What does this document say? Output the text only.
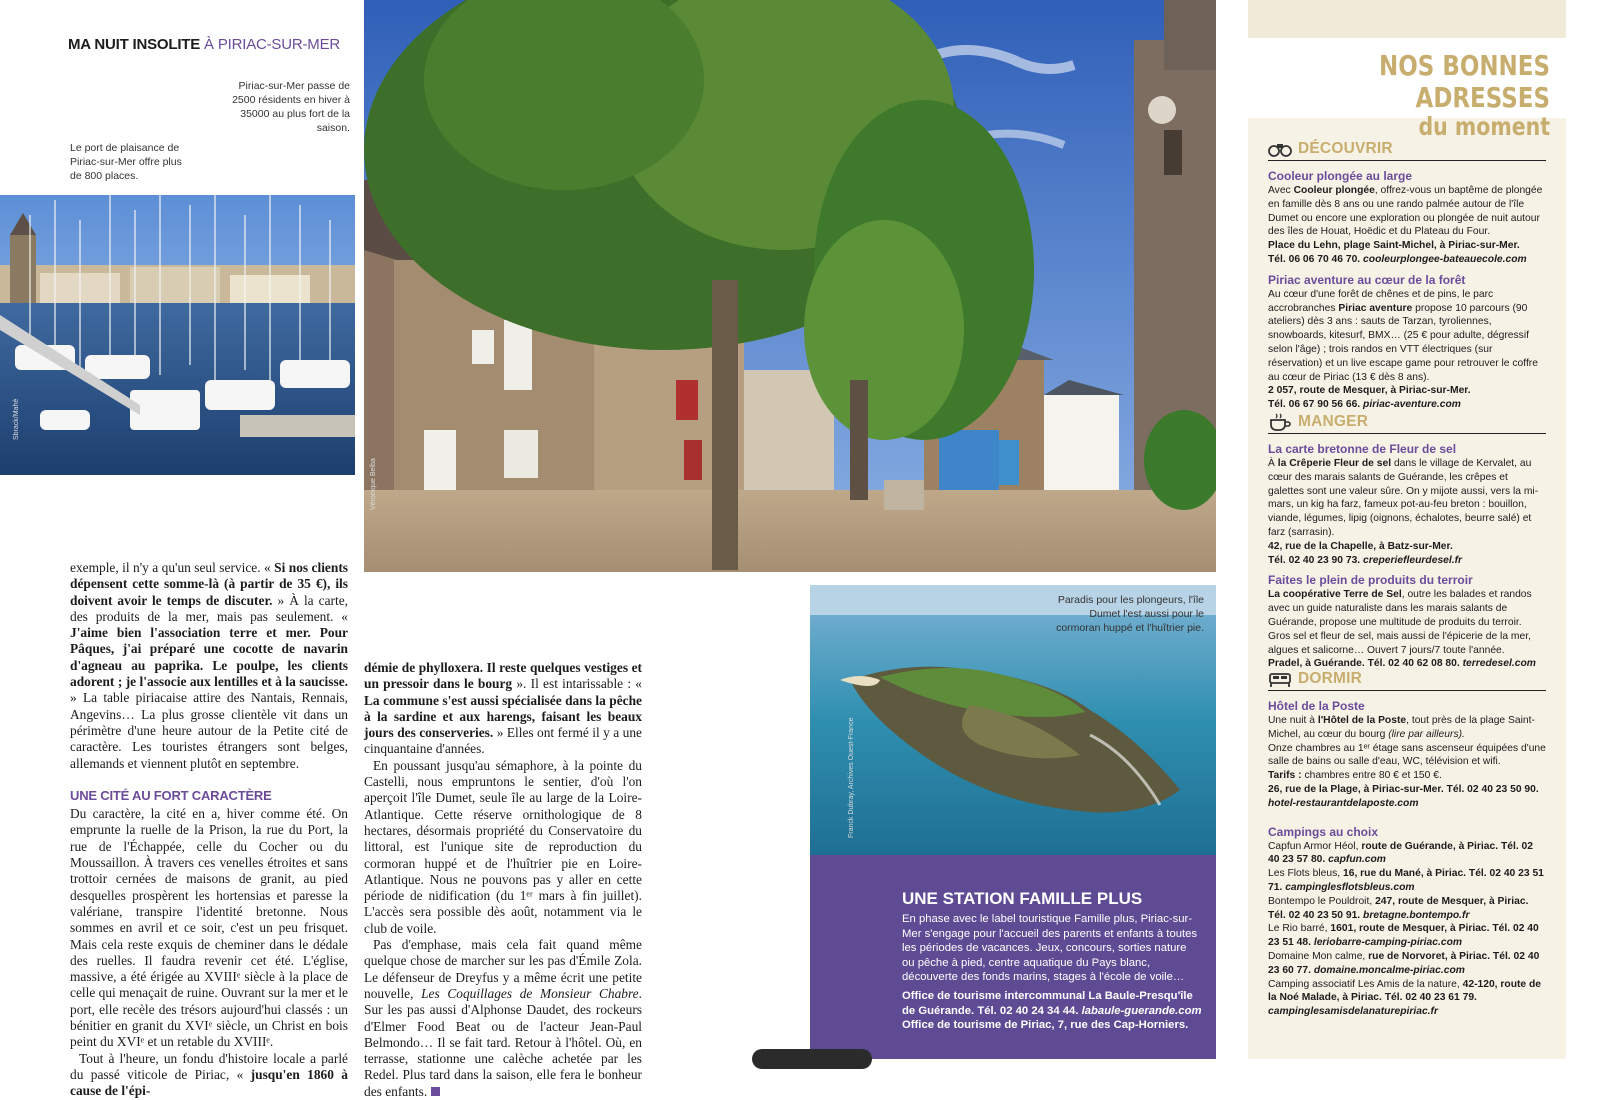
MA NUIT INSOLITE À PIRIAC-SUR-MER
Piriac-sur-Mer passe de 2500 résidents en hiver à 35000 au plus fort de la saison.
Le port de plaisance de Piriac-sur-Mer offre plus de 800 places.
Sbrack/Mahé
Véronique Belba
Paradis pour les plongeurs, l'île Dumet l'est aussi pour le cormoran huppé et l'huîtrier pie.
Franck Dubray, Archives Ouest-France

exemple, il n'y a qu'un seul service. « Si nos clients dépensent cette somme-là (à partir de 35 €), ils doivent avoir le temps de discuter. » À la carte, des produits de la mer, mais pas seulement. « J'aime bien l'association terre et mer. Pour Pâques, j'ai préparé une cocotte de navarin d'agneau au paprika. Le poulpe, les clients adorent ; je l'associe aux lentilles et à la saucisse. » La table piriacaise attire des Nantais, Rennais, Angevins… La plus grosse clientèle vit dans un périmètre d'une heure autour de la Petite cité de caractère. Les touristes étrangers sont belges, allemands et viennent plutôt en septembre.

UNE CITÉ AU FORT CARACTÈRE

Du caractère, la cité en a, hiver comme été. On emprunte la ruelle de la Prison, la rue du Port, la rue de l'Échappée, celle du Cocher ou du Moussaillon. À travers ces venelles étroites et sans trottoir cernées de maisons de granit, au pied desquelles prospèrent les hortensias et paresse la valériane, transpire l'identité bretonne. Nous sommes en avril et ce soir, c'est un peu frisquet. Mais cela reste exquis de cheminer dans le dédale des ruelles. Il faudra revenir cet été. L'église, massive, a été érigée au XVIIIᵉ siècle à la place de celle qui menaçait de ruine. Ouvrant sur la mer et le port, elle recèle des trésors aujourd'hui classés : un bénitier en granit du XVIᵉ siècle, un Christ en bois peint du XVIᵉ et un retable du XVIIIᵉ.

Tout à l'heure, un fondu d'histoire locale a parlé du passé viticole de Piriac, « jusqu'en 1860 à cause de l'épi-

démie de phylloxera. Il reste quelques vestiges et un pressoir dans le bourg ». Il est intarissable : « La commune s'est aussi spécialisée dans la pêche à la sardine et aux harengs, faisant les beaux jours des conserveries. » Elles ont fermé il y a une cinquantaine d'années.

En poussant jusqu'au sémaphore, à la pointe du Castelli, nous empruntons le sentier, d'où l'on aperçoit l'île Dumet, seule île au large de la Loire-Atlantique. Cette réserve ornithologique de 8 hectares, désormais propriété du Conservatoire du littoral, est l'unique site de reproduction du cormoran huppé et de l'huîtrier pie en Loire-Atlantique. Nous ne pouvons pas y aller en cette période de nidification (du 1ᵉʳ mars à fin juillet). L'accès sera possible dès août, notamment via le club de voile.

Pas d'emphase, mais cela fait quand même quelque chose de marcher sur les pas d'Émile Zola. Le défenseur de Dreyfus y a même écrit une petite nouvelle, Les Coquillages de Monsieur Chabre. Sur les pas aussi d'Alphonse Daudet, des rockeurs d'Elmer Food Beat ou de l'acteur Jean-Paul Belmondo… Il se fait tard. Retour à l'hôtel. Où, en terrasse, stationne une calèche achetée par les Redel. Plus tard dans la saison, elle fera le bonheur des enfants.

UNE STATION FAMILLE PLUS
En phase avec le label touristique Famille plus, Piriac-sur-Mer s'engage pour l'accueil des parents et enfants à toutes les périodes de vacances. Jeux, concours, sorties nature ou pêche à pied, centre aquatique du Pays blanc, découverte des fonds marins, stages à l'école de voile…
Office de tourisme intercommunal La Baule-Presqu'île de Guérande. Tél. 02 40 24 34 44. labaule-guerande.com
Office de tourisme de Piriac, 7, rue des Cap-Horniers.
NOS BONNES ADRESSES
du moment
DÉCOUVRIR
Cooleur plongée au large
Avec Cooleur plongée, offrez-vous un baptême de plongée en famille dès 8 ans ou une rando palmée autour de l'île Dumet ou encore une exploration ou plongée de nuit autour des îles de Houat, Hoëdic et du Plateau du Four.
Place du Lehn, plage Saint-Michel, à Piriac-sur-Mer.
Tél. 06 06 70 46 70. cooleurplongee-bateauecole.com
Piriac aventure au cœur de la forêt
Au cœur d'une forêt de chênes et de pins, le parc accrobranches Piriac aventure propose 10 parcours (90 ateliers) dès 3 ans : sauts de Tarzan, tyroliennes, snowboards, kitesurf, BMX… (25 € pour adulte, dégressif selon l'âge) ; trois randos en VTT électriques (sur réservation) et un live escape game pour retrouver le coffre au cœur de Piriac (13 € dès 8 ans).
2 057, route de Mesquer, à Piriac-sur-Mer.
Tél. 06 67 90 56 66. piriac-aventure.com
MANGER
La carte bretonne de Fleur de sel
À la Crêperie Fleur de sel dans le village de Kervalet, au cœur des marais salants de Guérande, les crêpes et galettes sont une valeur sûre. On y mijote aussi, vers la mi-mars, un kig ha farz, fameux pot-au-feu breton : bouillon, viande, légumes, lipig (oignons, échalotes, beurre salé) et farz (sarrasin).
42, rue de la Chapelle, à Batz-sur-Mer.
Tél. 02 40 23 90 73. creperiefleurdesel.fr
Faites le plein de produits du terroir
La coopérative Terre de Sel, outre les balades et randos avec un guide naturaliste dans les marais salants de Guérande, propose une multitude de produits du terroir. Gros sel et fleur de sel, mais aussi de l'épicerie de la mer, algues et salicorne… Ouvert 7 jours/7 toute l'année.
Pradel, à Guérande. Tél. 02 40 62 08 80. terredesel.com
DORMIR
Hôtel de la Poste
Une nuit à l'Hôtel de la Poste, tout près de la plage Saint-Michel, au cœur du bourg (lire par ailleurs).
Onze chambres au 1ᵉʳ étage sans ascenseur équipées d'une salle de bains ou salle d'eau, WC, télévision et wifi.
Tarifs : chambres entre 80 € et 150 €.
26, rue de la Plage, à Piriac-sur-Mer. Tél. 02 40 23 50 90.
hotel-restaurantdelaposte.com
Campings au choix
Capfun Armor Héol, route de Guérande, à Piriac. Tél. 02 40 23 57 80. capfun.com
Les Flots bleus, 16, rue du Mané, à Piriac. Tél. 02 40 23 51 71. campinglesflotsbleus.com
Bontempo le Pouldroit, 247, route de Mesquer, à Piriac. Tél. 02 40 23 50 91. bretagne.bontempo.fr
Le Rio barré, 1601, route de Mesquer, à Piriac. Tél. 02 40 23 51 48. leriobarre-camping-piriac.com
Domaine Mon calme, rue de Norvoret, à Piriac. Tél. 02 40 23 60 77. domaine.moncalme-piriac.com
Camping associatif Les Amis de la nature, 42-120, route de la Noé Malade, à Piriac. Tél. 02 40 23 61 79. campinglesamisdelanaturepiriac.fr
